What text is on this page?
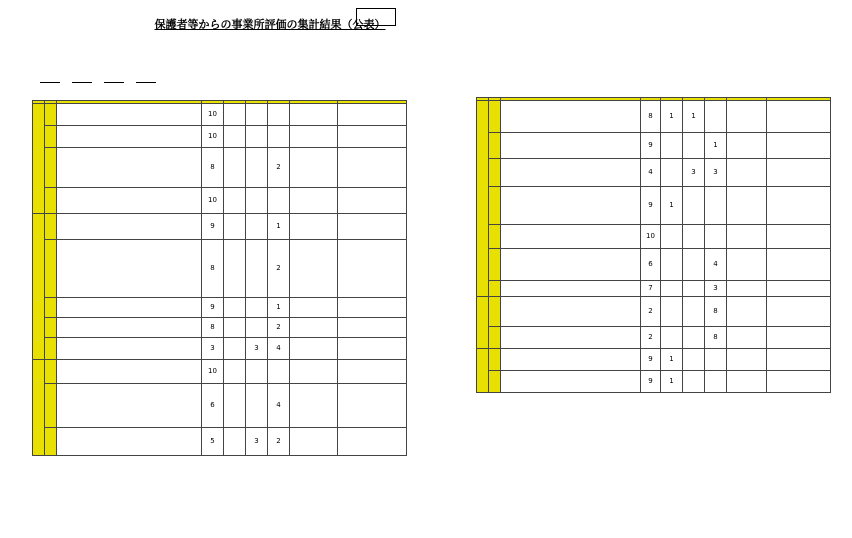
保護者等からの事業所評価の集計結果（公表）

			10					
			10					
			8			2		
			10					
			9			1		
			8			2		
			9			1		
			8			2		
			3		3	4		
			10					
			6			4		
			5		3	2		

			8	1	1			
			9			1		
			4		3	3		
			9	1				
			10					
			6			4		
			7			3		
			2			8		
			2			8		
			9	1				
			9	1				
